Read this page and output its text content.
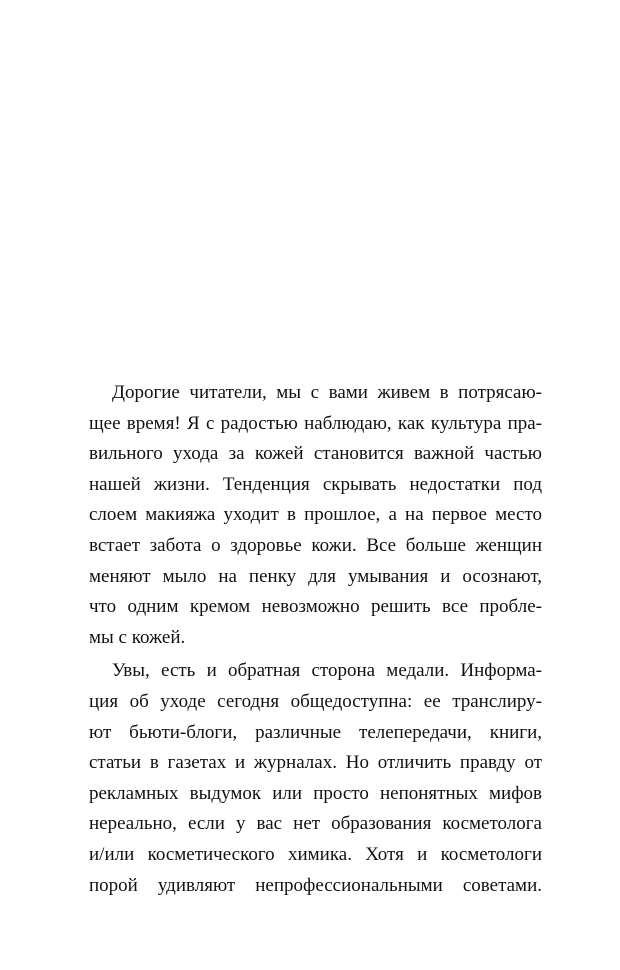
Дорогие читатели, мы с вами живем в потрясаю-
щее время! Я с радостью наблюдаю, как культура пра-
вильного ухода за кожей становится важной частью
нашей жизни. Тенденция скрывать недостатки под
слоем макияжа уходит в прошлое, а на первое место
встает забота о здоровье кожи. Все больше женщин
меняют мыло на пенку для умывания и осознают,
что одним кремом невозможно решить все пробле-
мы с кожей.
Увы, есть и обратная сторона медали. Информа-
ция об уходе сегодня общедоступна: ее транслиру-
ют бьюти-блоги, различные телепередачи, книги,
статьи в газетах и журналах. Но отличить правду от
рекламных выдумок или просто непонятных мифов
нереально, если у вас нет образования косметолога
и/или косметического химика. Хотя и косметологи
порой удивляют непрофессиональными советами.
